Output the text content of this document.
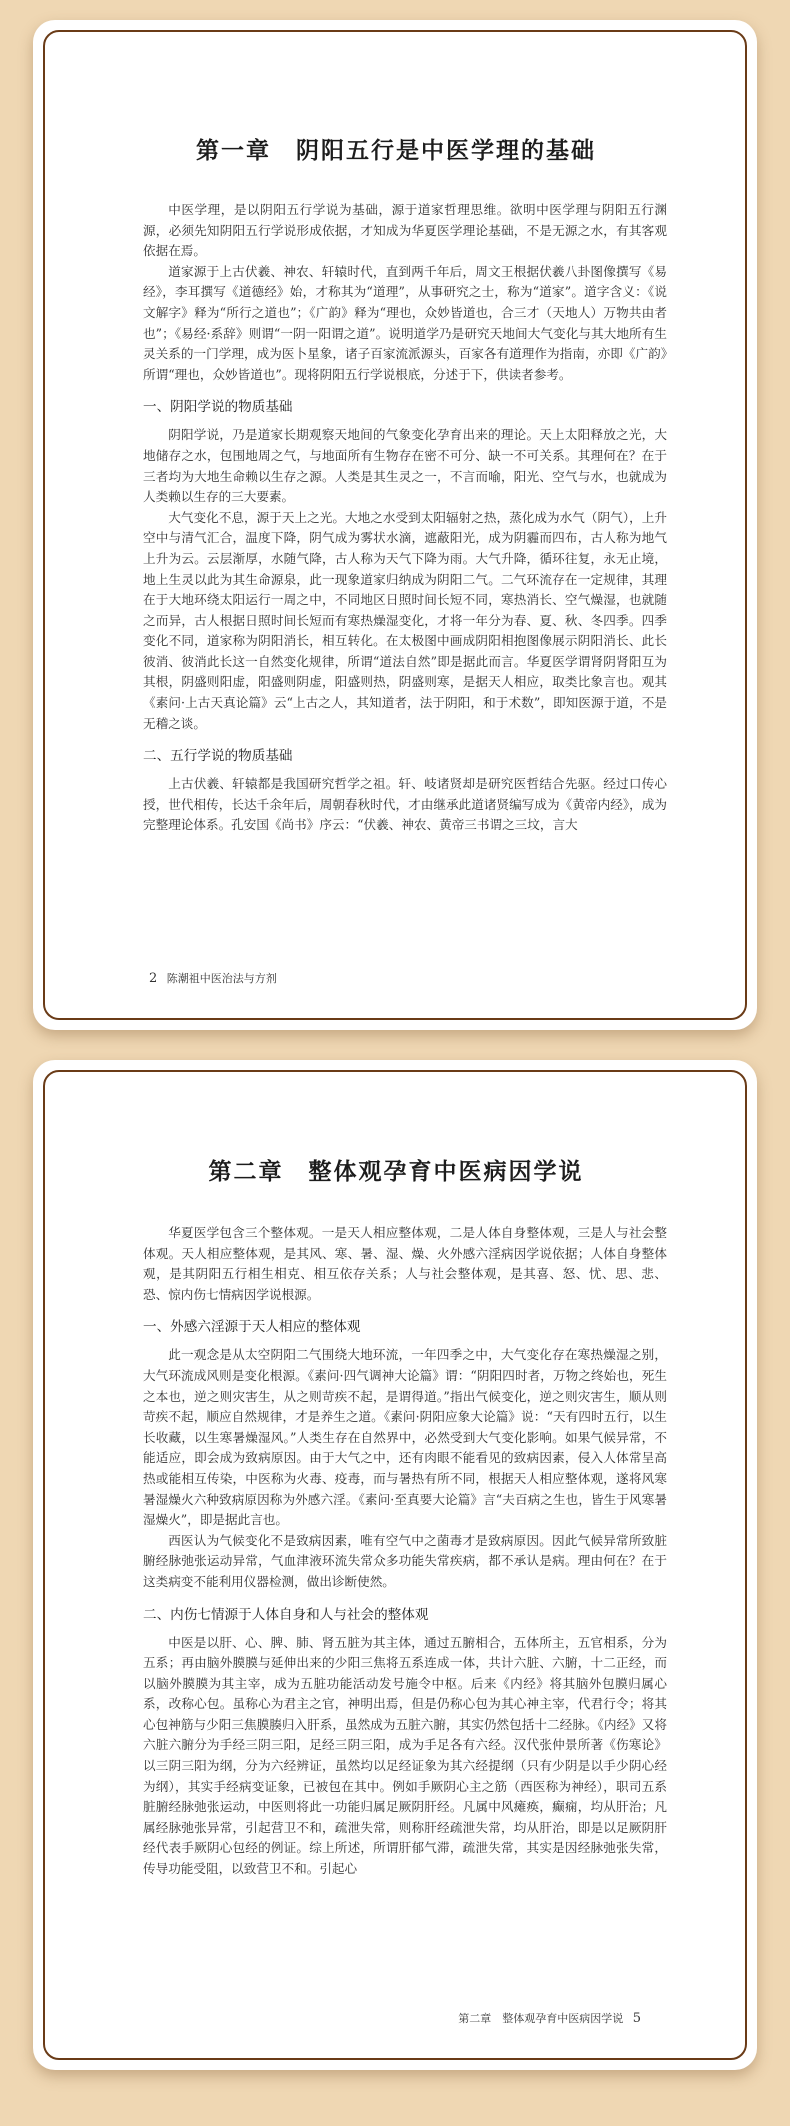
第一章　阴阳五行是中医学理的基础

中医学理，是以阴阳五行学说为基础，源于道家哲理思维。欲明中医学理与阴阳五行渊源，必须先知阴阳五行学说形成依据，才知成为华夏医学理论基础，不是无源之水，有其客观依据在焉。

道家源于上古伏羲、神农、轩辕时代，直到两千年后，周文王根据伏羲八卦图像撰写《易经》，李耳撰写《道德经》始，才称其为“道理”，从事研究之士，称为“道家”。道字含义：《说文解字》释为“所行之道也”；《广韵》释为“理也，众妙皆道也，合三才（天地人）万物共由者也”；《易经·系辞》则谓“一阴一阳谓之道”。说明道学乃是研究天地间大气变化与其大地所有生灵关系的一门学理，成为医卜星象，诸子百家流派源头，百家各有道理作为指南，亦即《广韵》所谓“理也，众妙皆道也”。现将阴阳五行学说根底，分述于下，供读者参考。

一、阴阳学说的物质基础

阴阳学说，乃是道家长期观察天地间的气象变化孕育出来的理论。天上太阳释放之光，大地储存之水，包围地周之气，与地面所有生物存在密不可分、缺一不可关系。其理何在？在于三者均为大地生命赖以生存之源。人类是其生灵之一，不言而喻，阳光、空气与水，也就成为人类赖以生存的三大要素。

大气变化不息，源于天上之光。大地之水受到太阳辐射之热，蒸化成为水气（阴气），上升空中与清气汇合，温度下降，阴气成为雾状水滴，遮蔽阳光，成为阴霾而四布，古人称为地气上升为云。云层渐厚，水随气降，古人称为天气下降为雨。大气升降，循环往复，永无止境，地上生灵以此为其生命源泉，此一现象道家归纳成为阴阳二气。二气环流存在一定规律，其理在于大地环绕太阳运行一周之中，不同地区日照时间长短不同，寒热消长、空气燥湿，也就随之而异，古人根据日照时间长短而有寒热燥湿变化，才将一年分为春、夏、秋、冬四季。四季变化不同，道家称为阴阳消长，相互转化。在太极图中画成阴阳相抱图像展示阴阳消长、此长彼消、彼消此长这一自然变化规律，所谓“道法自然”即是据此而言。华夏医学谓肾阴肾阳互为其根，阴盛则阳虚，阳盛则阴虚，阳盛则热，阴盛则寒，是据天人相应，取类比象言也。观其《素问·上古天真论篇》云“上古之人，其知道者，法于阴阳，和于术数”，即知医源于道，不是无稽之谈。

二、五行学说的物质基础

上古伏羲、轩辕都是我国研究哲学之祖。轩、岐诸贤却是研究医哲结合先驱。经过口传心授，世代相传，长达千余年后，周朝春秋时代，才由继承此道诸贤编写成为《黄帝内经》，成为完整理论体系。孔安国《尚书》序云：“伏羲、神农、黄帝三书谓之三坟，言大

2 陈潮祖中医治法与方剂
第二章　整体观孕育中医病因学说

华夏医学包含三个整体观。一是天人相应整体观，二是人体自身整体观，三是人与社会整体观。天人相应整体观，是其风、寒、暑、湿、燥、火外感六淫病因学说依据；人体自身整体观，是其阴阳五行相生相克、相互依存关系；人与社会整体观，是其喜、怒、忧、思、悲、恐、惊内伤七情病因学说根源。

一、外感六淫源于天人相应的整体观

此一观念是从太空阴阳二气围绕大地环流，一年四季之中，大气变化存在寒热燥湿之别，大气环流成风则是变化根源。《素问·四气调神大论篇》谓：“阴阳四时者，万物之终始也，死生之本也，逆之则灾害生，从之则苛疾不起，是谓得道。”指出气候变化，逆之则灾害生，顺从则苛疾不起，顺应自然规律，才是养生之道。《素问·阴阳应象大论篇》说：“天有四时五行，以生长收藏，以生寒暑燥湿风。”人类生存在自然界中，必然受到大气变化影响。如果气候异常，不能适应，即会成为致病原因。由于大气之中，还有肉眼不能看见的致病因素，侵入人体常呈高热或能相互传染，中医称为火毒、疫毒，而与暑热有所不同，根据天人相应整体观，遂将风寒暑湿燥火六种致病原因称为外感六淫。《素问·至真要大论篇》言“夫百病之生也，皆生于风寒暑湿燥火”，即是据此言也。

西医认为气候变化不是致病因素，唯有空气中之菌毒才是致病原因。因此气候异常所致脏腑经脉弛张运动异常，气血津液环流失常众多功能失常疾病，都不承认是病。理由何在？在于这类病变不能利用仪器检测，做出诊断使然。

二、内伤七情源于人体自身和人与社会的整体观

中医是以肝、心、脾、肺、肾五脏为其主体，通过五腑相合，五体所主，五官相系，分为五系；再由脑外膜膜与延伸出来的少阳三焦将五系连成一体，共计六脏、六腑，十二正经，而以脑外膜膜为其主宰，成为五脏功能活动发号施令中枢。后来《内经》将其脑外包膜归属心系，改称心包。虽称心为君主之官，神明出焉，但是仍称心包为其心神主宰，代君行令；将其心包神筋与少阳三焦膜腠归入肝系，虽然成为五脏六腑，其实仍然包括十二经脉。《内经》又将六脏六腑分为手经三阴三阳，足经三阴三阳，成为手足各有六经。汉代张仲景所著《伤寒论》以三阴三阳为纲，分为六经辨证，虽然均以足经证象为其六经提纲（只有少阴是以手少阴心经为纲），其实手经病变证象，已被包在其中。例如手厥阴心主之筋（西医称为神经），职司五系脏腑经脉弛张运动，中医则将此一功能归属足厥阴肝经。凡属中风瘫痪，癫痫，均从肝治；凡属经脉弛张异常，引起营卫不和，疏泄失常，则称肝经疏泄失常，均从肝治，即是以足厥阴肝经代表手厥阴心包经的例证。综上所述，所谓肝郁气滞，疏泄失常，其实是因经脉弛张失常，传导功能受阻，以致营卫不和。引起心

第二章　整体观孕育中医病因学说 5
